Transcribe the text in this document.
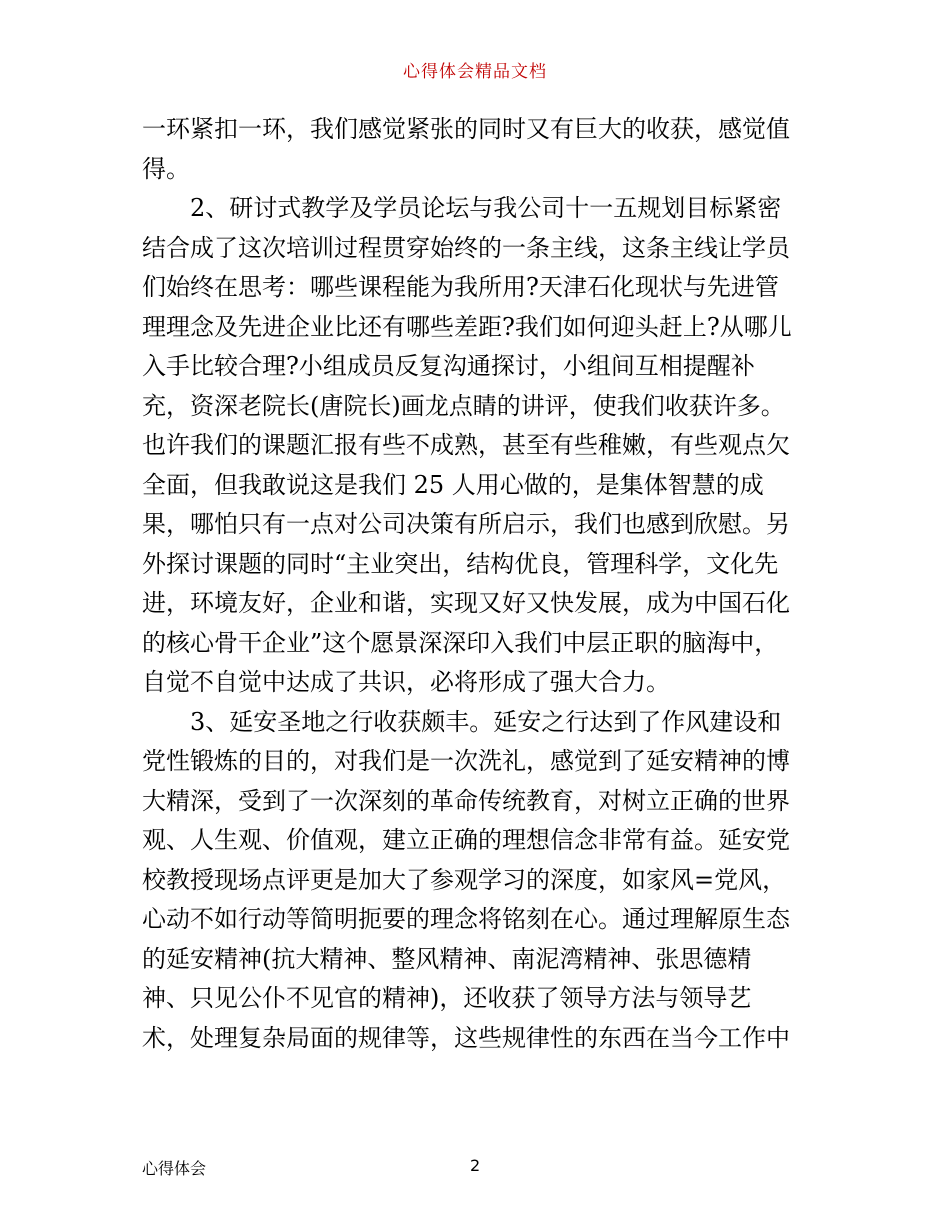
心得体会精品文档
一环紧扣一环，我们感觉紧张的同时又有巨大的收获，感觉值
得。
2、研讨式教学及学员论坛与我公司十一五规划目标紧密
结合成了这次培训过程贯穿始终的一条主线，这条主线让学员
们始终在思考：哪些课程能为我所用?天津石化现状与先进管
理理念及先进企业比还有哪些差距?我们如何迎头赶上?从哪儿
入手比较合理?小组成员反复沟通探讨，小组间互相提醒补
充，资深老院长(唐院长)画龙点睛的讲评，使我们收获许多。
也许我们的课题汇报有些不成熟，甚至有些稚嫩，有些观点欠
全面，但我敢说这是我们 25 人用心做的，是集体智慧的成
果，哪怕只有一点对公司决策有所启示，我们也感到欣慰。另
外探讨课题的同时“主业突出，结构优良，管理科学，文化先
进，环境友好，企业和谐，实现又好又快发展，成为中国石化
的核心骨干企业”这个愿景深深印入我们中层正职的脑海中，
自觉不自觉中达成了共识，必将形成了强大合力。
3、延安圣地之行收获颇丰。延安之行达到了作风建设和
党性锻炼的目的，对我们是一次洗礼，感觉到了延安精神的博
大精深，受到了一次深刻的革命传统教育，对树立正确的世界
观、人生观、价值观，建立正确的理想信念非常有益。延安党
校教授现场点评更是加大了参观学习的深度，如家风=党风，
心动不如行动等简明扼要的理念将铭刻在心。通过理解原生态
的延安精神(抗大精神、整风精神、南泥湾精神、张思德精
神、只见公仆不见官的精神)，还收获了领导方法与领导艺
术，处理复杂局面的规律等，这些规律性的东西在当今工作中
心得体会	2
